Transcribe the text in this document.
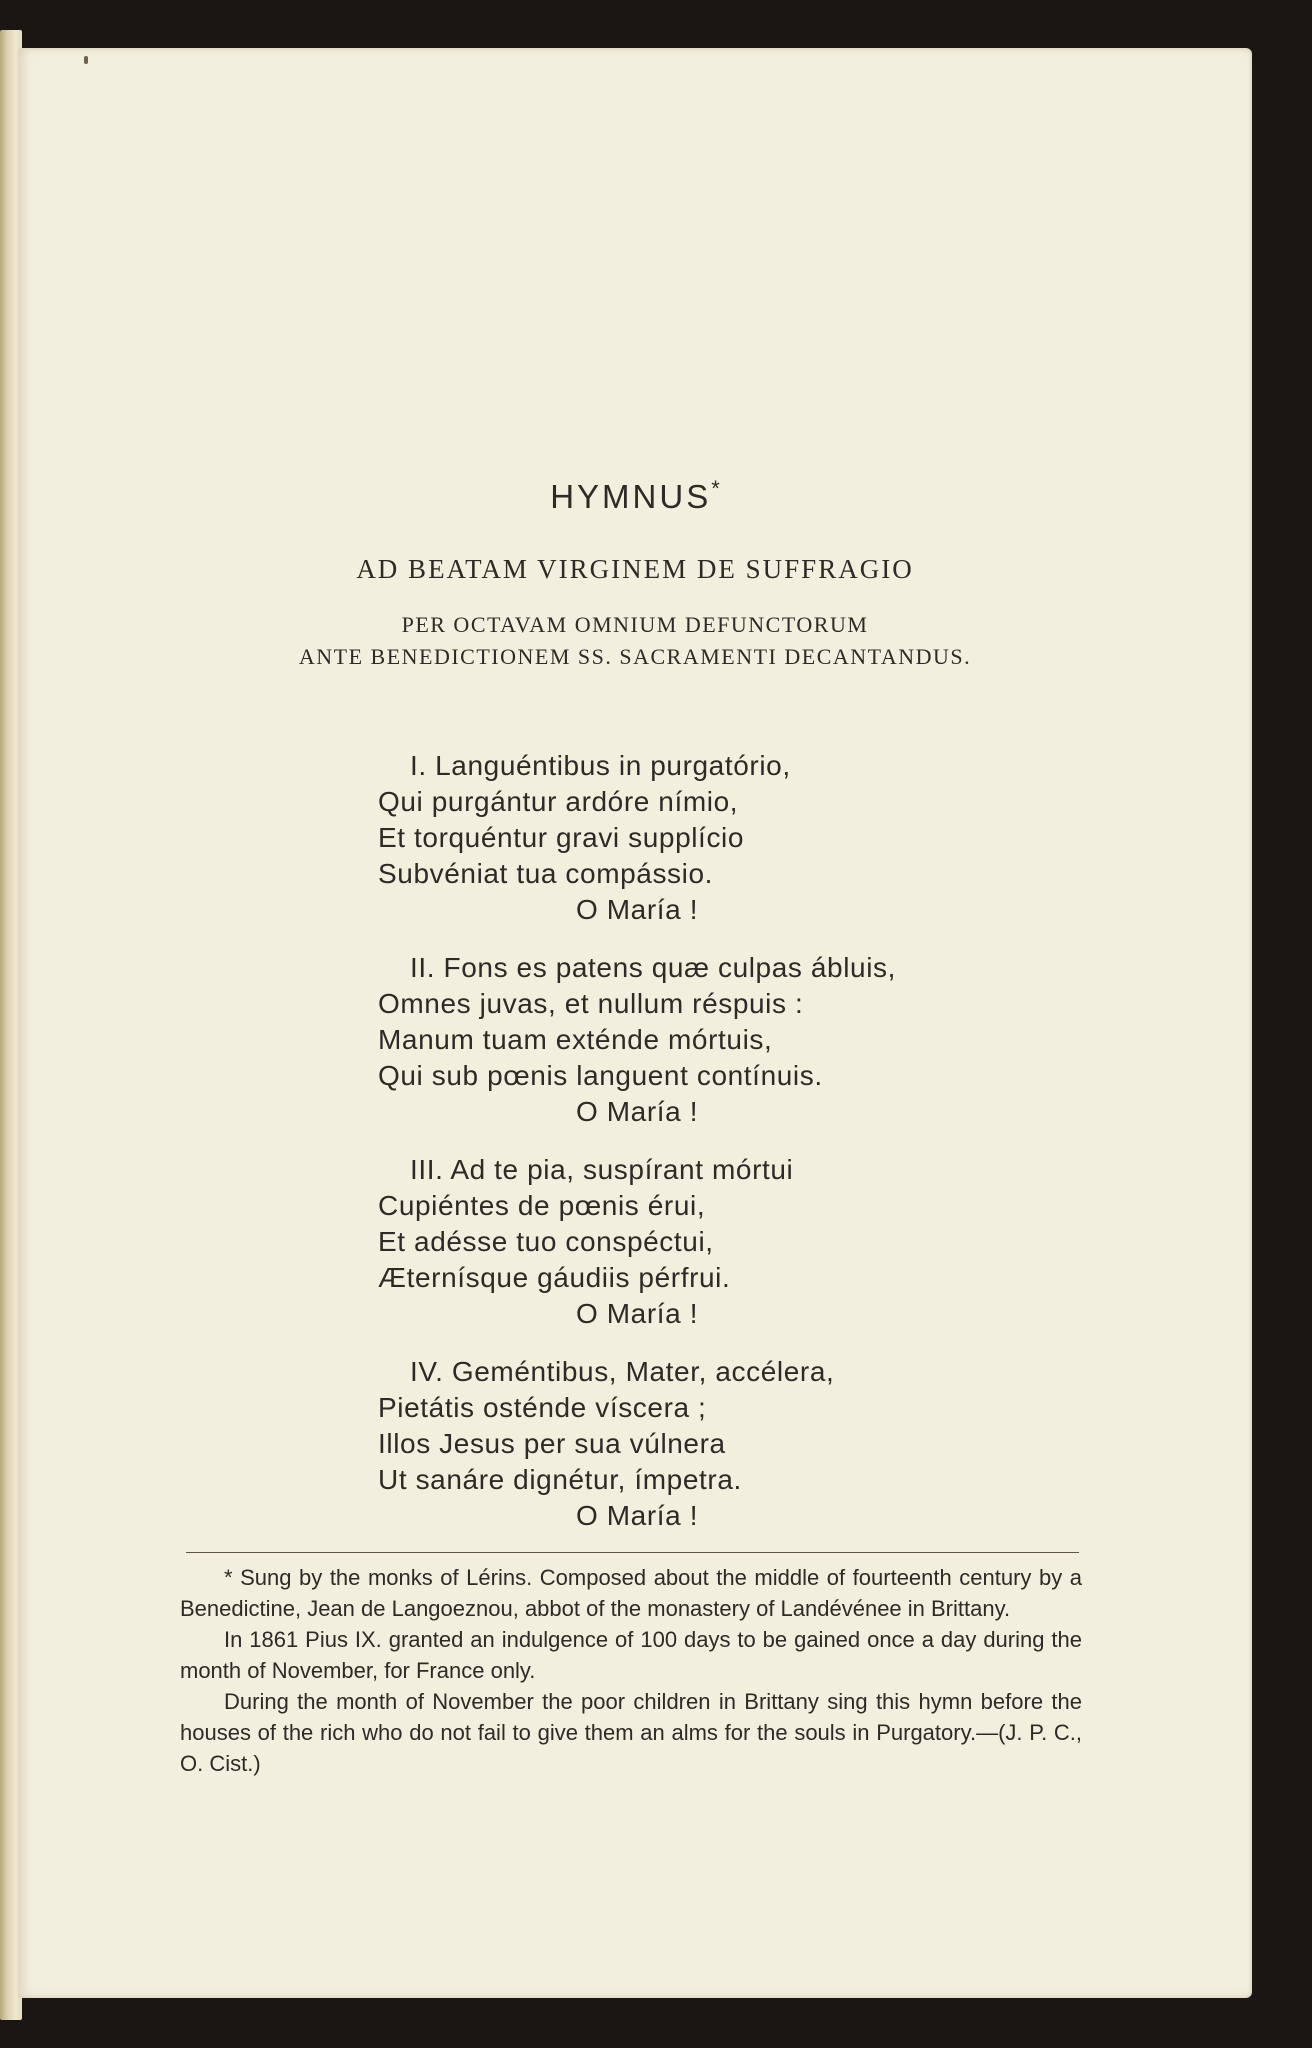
HYMNUS*
AD BEATAM VIRGINEM DE SUFFRAGIO
PER OCTAVAM OMNIUM DEFUNCTORUM
ANTE BENEDICTIONEM SS. SACRAMENTI DECANTANDUS.
I. Languéntibus in purgatório,
Qui purgántur ardóre nímio,
Et torquéntur gravi supplício
Subvéniat tua compássio.
O María !
II. Fons es patens quæ culpas ábluis,
Omnes juvas, et nullum réspuis :
Manum tuam exténde mórtuis,
Qui sub pœnis languent contínuis.
O María !
III. Ad te pia, suspírant mórtui
Cupiéntes de pœnis érui,
Et adésse tuo conspéctui,
Æternísque gáudiis pérfrui.
O María !
IV. Geméntibus, Mater, accélera,
Pietátis osténde víscera ;
Illos Jesus per sua vúlnera
Ut sanáre dignétur, ímpetra.
O María !

* Sung by the monks of Lérins. Composed about the middle of fourteenth century by a Benedictine, Jean de Langoeznou, abbot of the monastery of Landévénee in Brittany.

In 1861 Pius IX. granted an indulgence of 100 days to be gained once a day during the month of November, for France only.

During the month of November the poor children in Brittany sing this hymn before the houses of the rich who do not fail to give them an alms for the souls in Purgatory.—(J. P. C., O. Cist.)
